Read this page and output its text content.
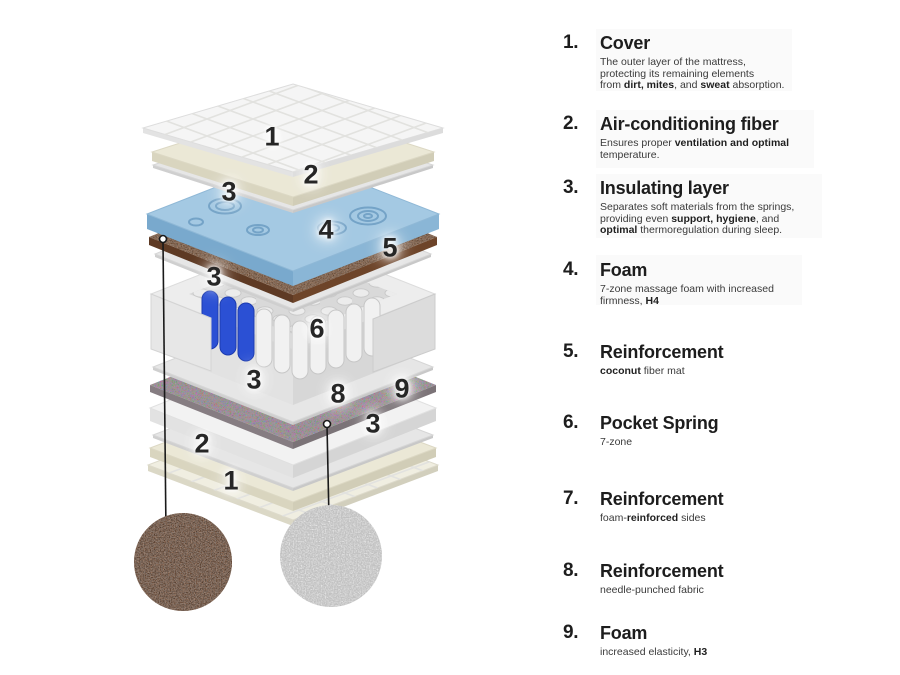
1
2
3
4
5
3
6
3	8 9
3
2
1
1.	Cover

The outer layer of the mattress,
protecting its remaining elements
from dirt, mites, and sweat absorption.

2.	Air-conditioning fiber

Ensures proper ventilation and optimal
temperature.

3.	Insulating layer

Separates soft materials from the springs,
providing even support, hygiene, and
optimal thermoregulation during sleep.

4.	Foam

7-zone massage foam with increased
firmness, H4

5.	Reinforcement

coconut fiber mat

6.	Pocket Spring

7-zone

7.	Reinforcement

foam-reinforced sides

8.	Reinforcement

needle-punched fabric

9.	Foam

increased elasticity, H3
